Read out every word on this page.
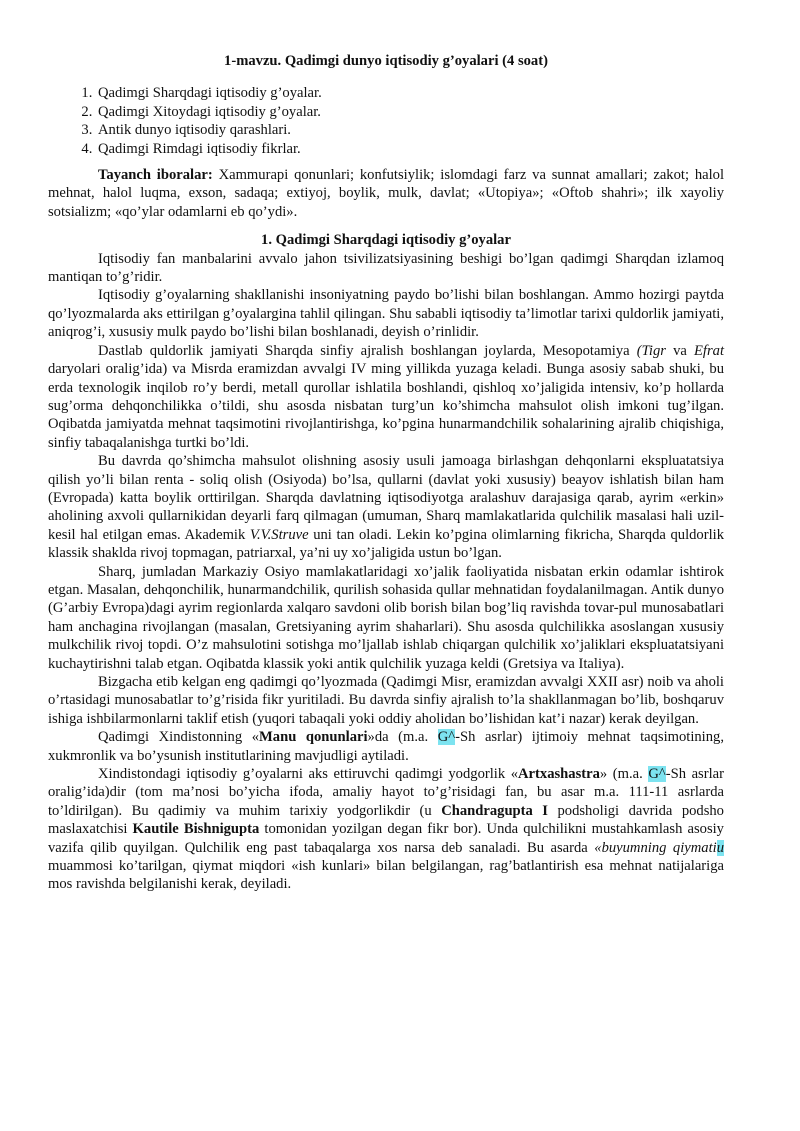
1-mavzu. Qadimgi dunyo iqtisodiy g’oyalari (4 soat)
1. Qadimgi Sharqdagi iqtisodiy g’oyalar.
2. Qadimgi Xitoydagi iqtisodiy g’oyalar.
3. Antik dunyo iqtisodiy qarashlari.
4. Qadimgi Rimdagi iqtisodiy fikrlar.

Tayanch iboralar: Xammurapi qonunlari; konfutsiylik; islomdagi farz va sunnat amallari; zakot; halol mehnat, halol luqma, exson, sadaqa; extiyoj, boylik, mulk, davlat; «Utopiya»; «Oftob shahri»; ilk xayoliy sotsializm; «qo’ylar odamlarni eb qo’ydi».

1. Qadimgi Sharqdagi iqtisodiy g’oyalar

Iqtisodiy fan manbalarini avvalo jahon tsivilizatsiyasining beshigi bo’lgan qadimgi Sharqdan izlamoq mantiqan to’g’ridir.

Iqtisodiy g’oyalarning shakllanishi insoniyatning paydo bo’lishi bilan boshlangan. Ammo hozirgi paytda qo’lyozmalarda aks ettirilgan g’oyalargina tahlil qilingan. Shu sababli iqtisodiy ta’limotlar tarixi quldorlik jamiyati, aniqrog’i, xususiy mulk paydo bo’lishi bilan boshlanadi, deyish o’rinlidir.

Dastlab quldorlik jamiyati Sharqda sinfiy ajralish boshlangan joylarda, Mesopotamiya (Tigr va Efrat daryolari oralig’ida) va Misrda eramizdan avvalgi IV ming yillikda yuzaga keladi. Bunga asosiy sabab shuki, bu erda texnologik inqilob ro’y berdi, metall qurollar ishlatila boshlandi, qishloq xo’jaligida intensiv, ko’p hollarda sug’orma dehqonchilikka o’tildi, shu asosda nisbatan turg’un ko’shimcha mahsulot olish imkoni tug’ilgan. Oqibatda jamiyatda mehnat taqsimotini rivojlantirishga, ko’pgina hunarmandchilik sohalarining ajralib chiqishiga, sinfiy tabaqalanishga turtki bo’ldi.

Bu davrda qo’shimcha mahsulot olishning asosiy usuli jamoaga birlashgan dehqonlarni ekspluatatsiya qilish yo’li bilan renta - soliq olish (Osiyoda) bo’lsa, qullarni (davlat yoki xususiy) beayov ishlatish bilan ham (Evropada) katta boylik orttirilgan. Sharqda davlatning iqtisodiyotga aralashuv darajasiga qarab, ayrim «erkin» aholining axvoli qullarnikidan deyarli farq qilmagan (umuman, Sharq mamlakatlarida qulchilik masalasi hali uzil-kesil hal etilgan emas. Akademik V.V.Struve uni tan oladi. Lekin ko’pgina olimlarning fikricha, Sharqda quldorlik klassik shaklda rivoj topmagan, patriarxal, ya’ni uy xo’jaligida ustun bo’lgan.

Sharq, jumladan Markaziy Osiyo mamlakatlaridagi xo’jalik faoliyatida nisbatan erkin odamlar ishtirok etgan. Masalan, dehqonchilik, hunarmandchilik, qurilish sohasida qullar mehnatidan foydalanilmagan. Antik dunyo (G’arbiy Evropa)dagi ayrim regionlarda xalqaro savdoni olib borish bilan bog’liq ravishda tovar-pul munosabatlari ham anchagina rivojlangan (masalan, Gretsiyaning ayrim shaharlari). Shu asosda qulchilikka asoslangan xususiy mulkchilik rivoj topdi. O’z mahsulotini sotishga mo’ljallab ishlab chiqargan qulchilik xo’jaliklari ekspluatatsiyani kuchaytirishni talab etgan. Oqibatda klassik yoki antik qulchilik yuzaga keldi (Gretsiya va Italiya).

Bizgacha etib kelgan eng qadimgi qo’lyozmada (Qadimgi Misr, eramizdan avvalgi XXII asr) noib va aholi o’rtasidagi munosabatlar to’g’risida fikr yuritiladi. Bu davrda sinfiy ajralish to’la shakllanmagan bo’lib, boshqaruv ishiga ishbilarmonlarni taklif etish (yuqori tabaqali yoki oddiy aholidan bo’lishidan kat’i nazar) kerak deyilgan.

Qadimgi Xindistonning «Manu qonunlari»da (m.a. G^-Sh asrlar) ijtimoiy mehnat taqsimotining, xukmronlik va bo’ysunish institutlarining mavjudligi aytiladi.

Xindistondagi iqtisodiy g’oyalarni aks ettiruvchi qadimgi yodgorlik «Artxashastra» (m.a. G^-Sh asrlar oralig’ida)dir (tom ma’nosi bo’yicha ifoda, amaliy hayot to’g’risidagi fan, bu asar m.a. 111-11 asrlarda to’ldirilgan). Bu qadimiy va muhim tarixiy yodgorlikdir (u Chandragupta I podsholigi davrida podsho maslaxatchisi Kautile Bishnigupta tomonidan yozilgan degan fikr bor). Unda qulchilikni mustahkamlash asosiy vazifa qilib quyilgan. Qulchilik eng past tabaqalarga xos narsa deb sanaladi. Bu asarda «buyumning qiymatiu muammosi ko’tarilgan, qiymat miqdori «ish kunlari» bilan belgilangan, rag’batlantirish esa mehnat natijalariga mos ravishda belgilanishi kerak, deyiladi.
